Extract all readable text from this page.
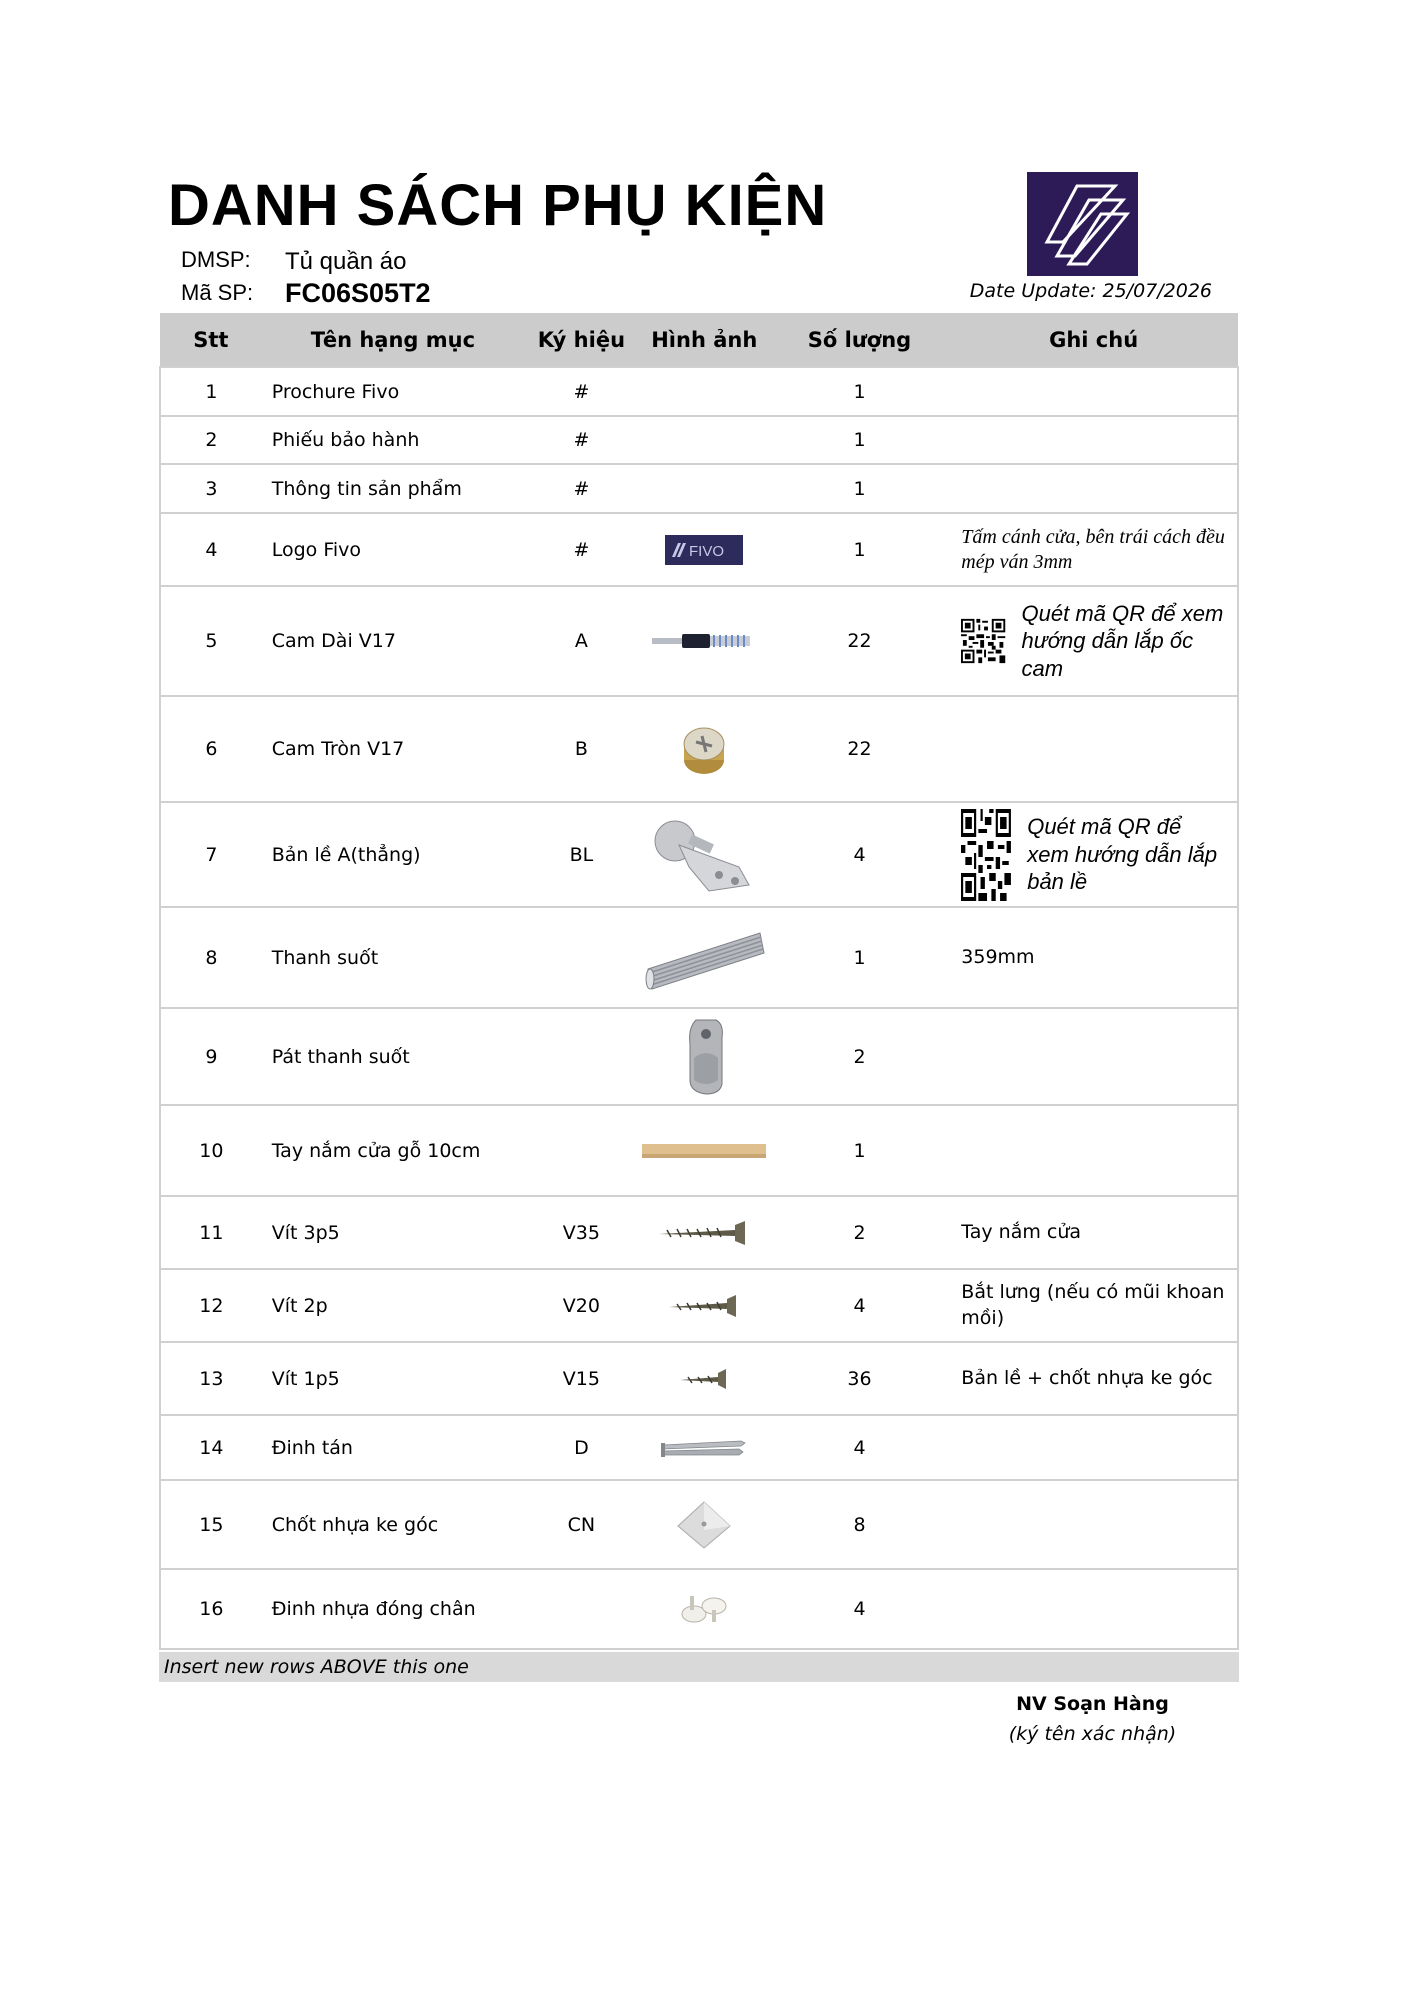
DANH SÁCH PHỤ KIỆN
DMSP: Tủ quần áo
Mã SP: FC06S05T2	Date Update: 25/07/2026
Stt	Tên hạng mục	Ký hiệu	Hình ảnh	Số lượng	Ghi chú
1	Prochure Fivo	#		1	
2	Phiếu bảo hành	#		1	
3	Thông tin sản phẩm	#		1	
4	Logo Fivo	#	FIVO	1	Tấm cánh cửa, bên trái cách đều mép ván 3mm
5	Cam Dài V17	A		22	Quét mã QR để xem hướng dẫn lắp ốc cam

6	Cam Tròn V17	B		22	
7	Bản lề A(thẳng)	BL		4	Quét mã QR để xem hướng dẫn lắp bản lề

8	Thanh suốt			1	359mm
9	Pát thanh suốt			2	
10	Tay nắm cửa gỗ 10cm			1	
11	Vít 3p5	V35		2	Tay nắm cửa
12	Vít 2p	V20		4	Bắt lưng (nếu có mũi khoan mồi)
13	Vít 1p5	V15		36	Bản lề + chốt nhựa ke góc
14	Đinh tán	D		4	
15	Chốt nhựa ke góc	CN		8	
16	Đinh nhựa đóng chân			4	
Insert new rows ABOVE this one
NV Soạn Hàng
(ký tên xác nhận)
